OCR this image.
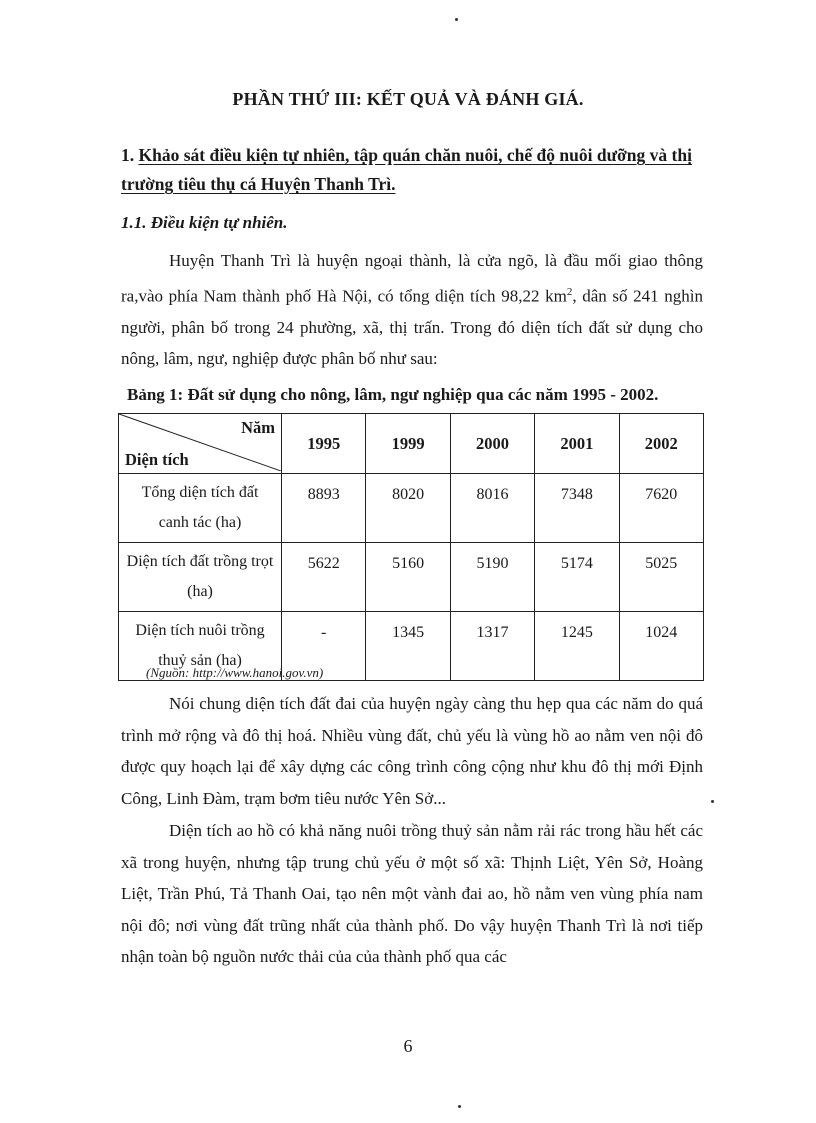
PHẦN THỨ III: KẾT QUẢ VÀ ĐÁNH GIÁ.
1. Khảo sát điều kiện tự nhiên, tập quán chăn nuôi, chế độ nuôi dưỡng và thị trường tiêu thụ cá Huyện Thanh Trì.
1.1. Điều kiện tự nhiên.
Huyện Thanh Trì là huyện ngoại thành, là cửa ngõ, là đầu mối giao thông ra,vào phía Nam thành phố Hà Nội, có tổng diện tích 98,22 $km^2$, dân số 241 nghìn người, phân bố trong 24 phường, xã, thị trấn. Trong đó diện tích đất sử dụng cho nông, lâm, ngư, nghiệp được phân bố như sau:
Bảng 1: Đất sử dụng cho nông, lâm, ngư nghiệp qua các năm 1995 - 2002.
Năm
Diện tích	1995	1999	2000	2001	2002
Tổng diện tích đất canh tác (ha)	8893	8020	8016	7348	7620
Diện tích đất trồng trọt (ha)	5622	5160	5190	5174	5025
Diện tích nuôi trồng thuỷ sản (ha)	-	1345	1317	1245	1024
(Nguồn: http://www.hanoi.gov.vn)
Nói chung diện tích đất đai của huyện ngày càng thu hẹp qua các năm do quá trình mở rộng và đô thị hoá. Nhiều vùng đất, chủ yếu là vùng hồ ao nằm ven nội đô được quy hoạch lại để xây dựng các công trình công cộng như khu đô thị mới Định Công, Linh Đàm, trạm bơm tiêu nước Yên Sở...
Diện tích ao hồ có khả năng nuôi trồng thuỷ sản nằm rải rác trong hầu hết các xã trong huyện, nhưng tập trung chủ yếu ở một số xã: Thịnh Liệt, Yên Sở, Hoàng Liệt, Trần Phú, Tả Thanh Oai, tạo nên một vành đai ao, hồ nằm ven vùng phía nam nội đô; nơi vùng đất trũng nhất của thành phố. Do vậy huyện Thanh Trì là nơi tiếp nhận toàn bộ nguồn nước thải của của thành phố qua các
6
